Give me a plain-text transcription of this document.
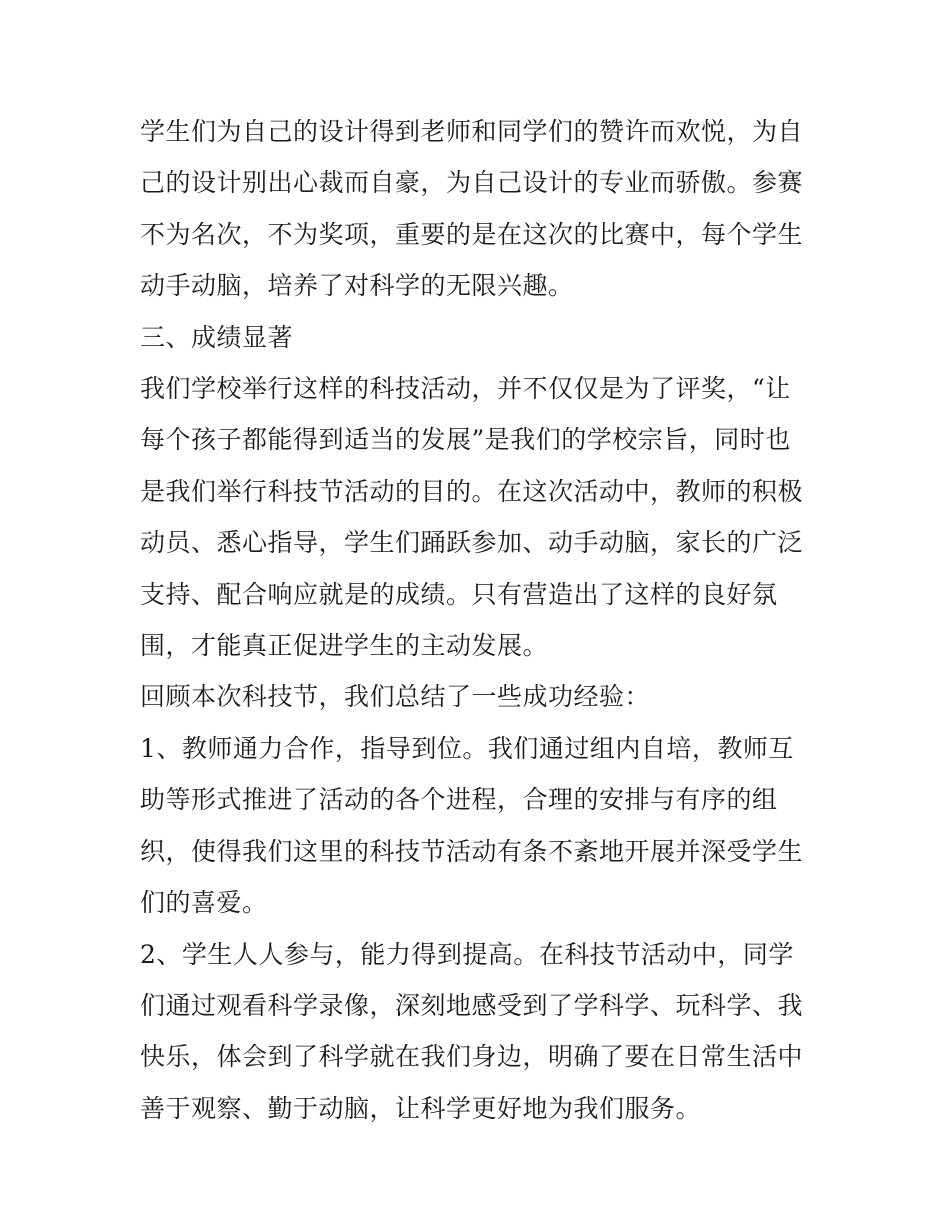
学生们为自己的设计得到老师和同学们的赞许而欢悦，为自己的设计别出心裁而自豪，为自己设计的专业而骄傲。参赛不为名次，不为奖项，重要的是在这次的比赛中，每个学生动手动脑，培养了对科学的无限兴趣。

三、成绩显著

我们学校举行这样的科技活动，并不仅仅是为了评奖，“让每个孩子都能得到适当的发展”是我们的学校宗旨，同时也是我们举行科技节活动的目的。在这次活动中，教师的积极动员、悉心指导，学生们踊跃参加、动手动脑，家长的广泛支持、配合响应就是的成绩。只有营造出了这样的良好氛围，才能真正促进学生的主动发展。

回顾本次科技节，我们总结了一些成功经验：

1、教师通力合作，指导到位。我们通过组内自培，教师互助等形式推进了活动的各个进程，合理的安排与有序的组织，使得我们这里的科技节活动有条不紊地开展并深受学生们的喜爱。

2、学生人人参与，能力得到提高。在科技节活动中，同学们通过观看科学录像，深刻地感受到了学科学、玩科学、我快乐，体会到了科学就在我们身边，明确了要在日常生活中善于观察、勤于动脑，让科学更好地为我们服务。
